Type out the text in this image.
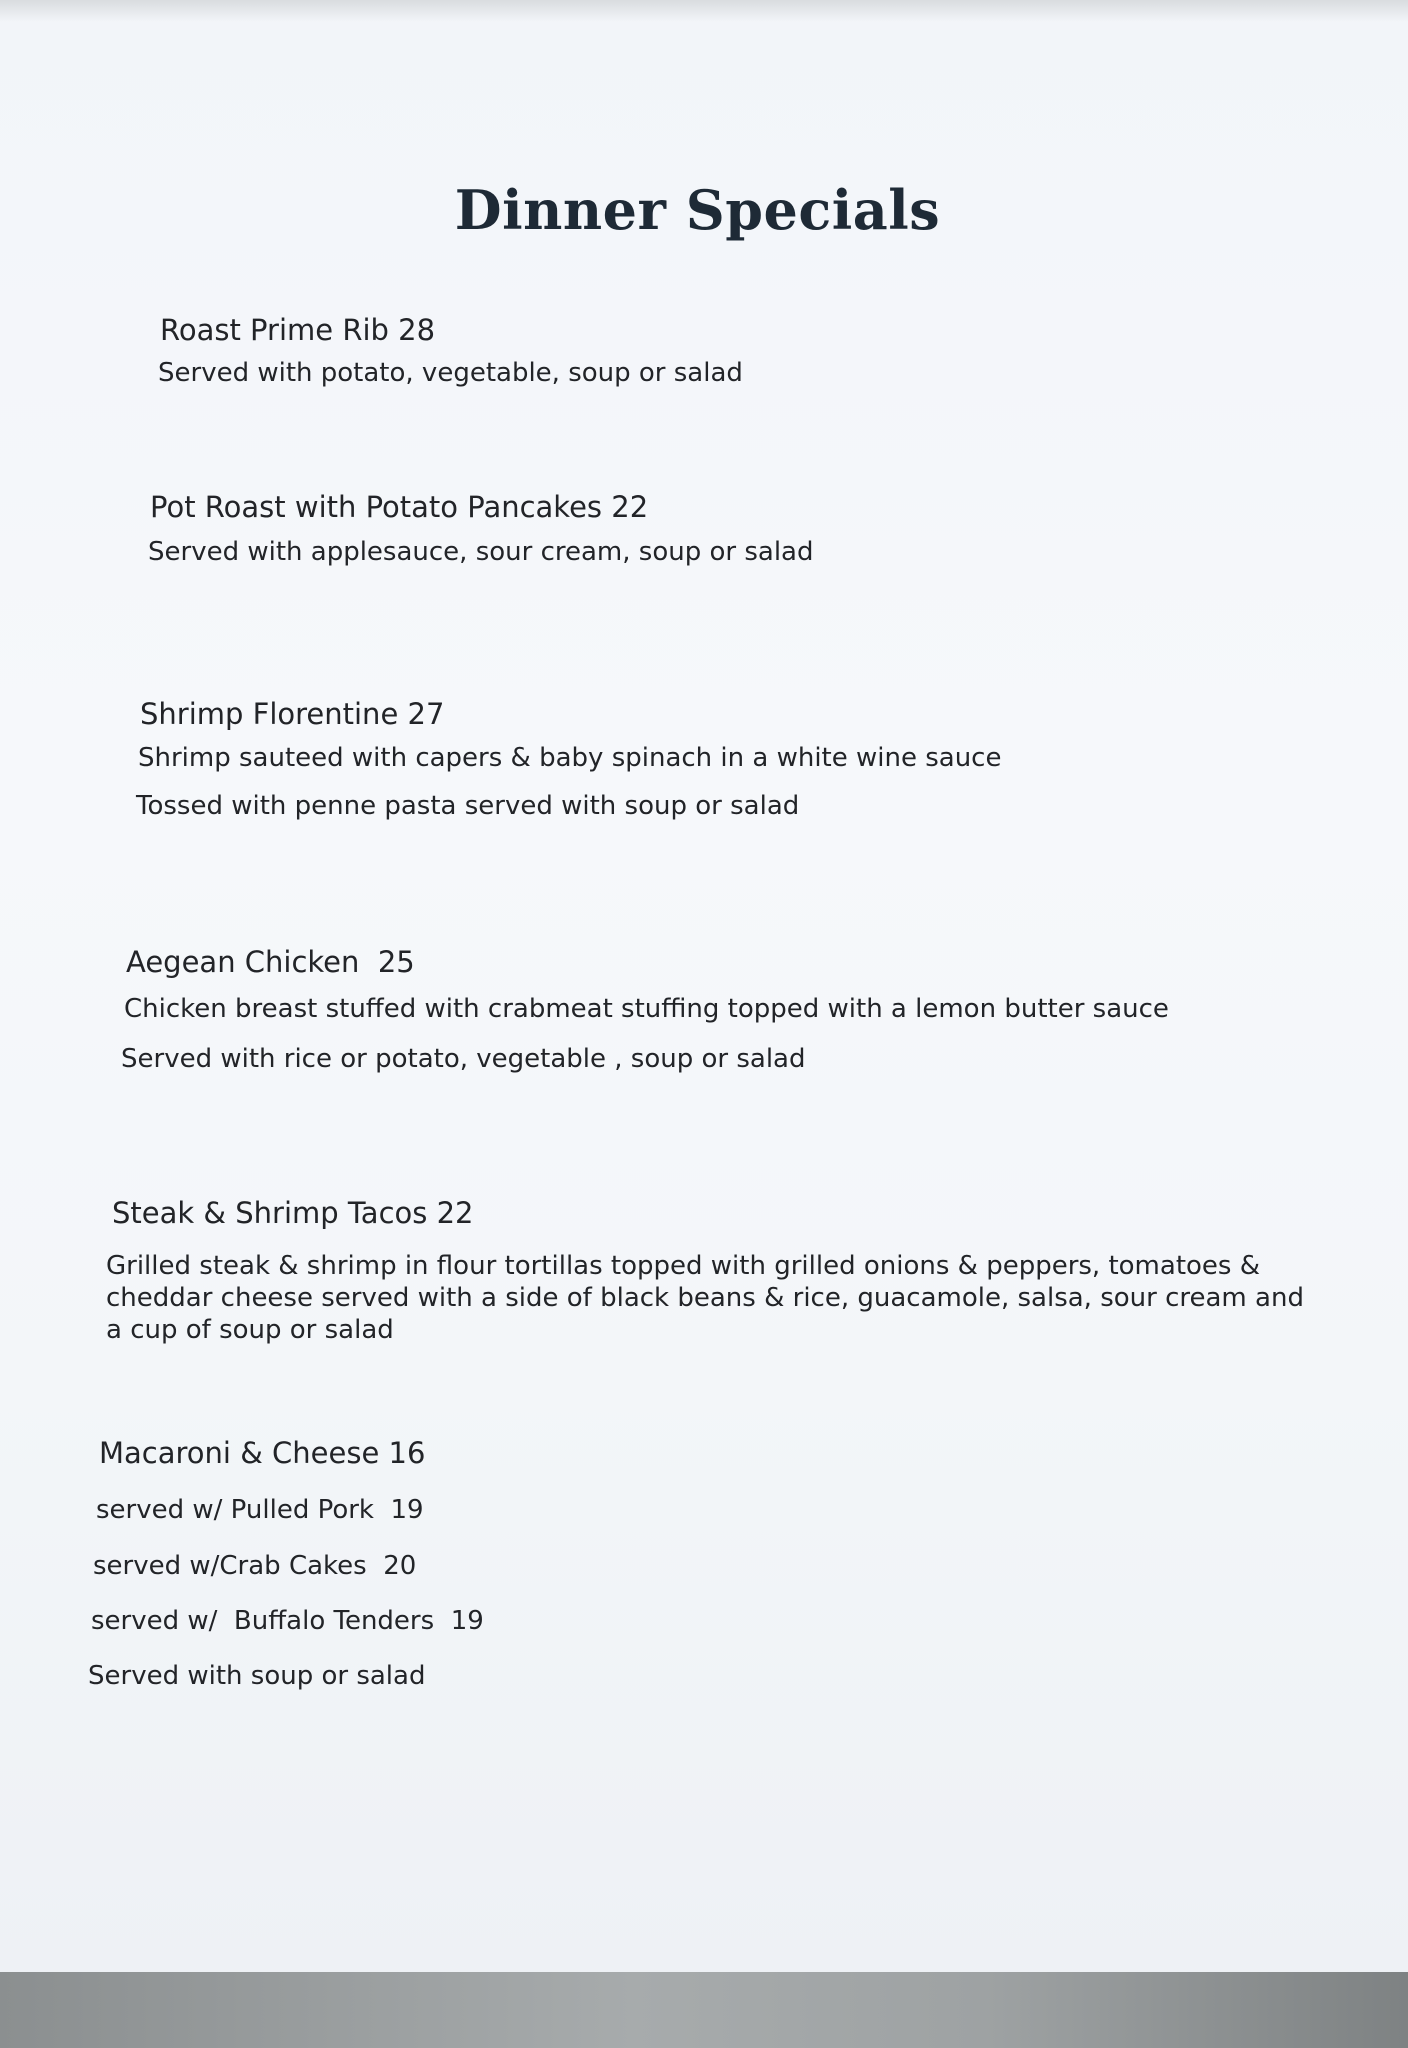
Dinner Specials
Roast Prime Rib 28
Served with potato, vegetable, soup or salad
Pot Roast with Potato Pancakes 22
Served with applesauce, sour cream, soup or salad
Shrimp Florentine 27
Shrimp sauteed with capers & baby spinach in a white wine sauce
Tossed with penne pasta served with soup or salad
Aegean Chicken  25
Chicken breast stuffed with crabmeat stuffing topped with a lemon butter sauce
Served with rice or potato, vegetable , soup or salad
Steak & Shrimp Tacos 22
Grilled steak & shrimp in flour tortillas topped with grilled onions & peppers, tomatoes & cheddar cheese served with a side of black beans & rice, guacamole, salsa, sour cream and a cup of soup or salad
Macaroni & Cheese 16
served w/ Pulled Pork  19
served w/Crab Cakes  20
served w/  Buffalo Tenders  19
Served with soup or salad
